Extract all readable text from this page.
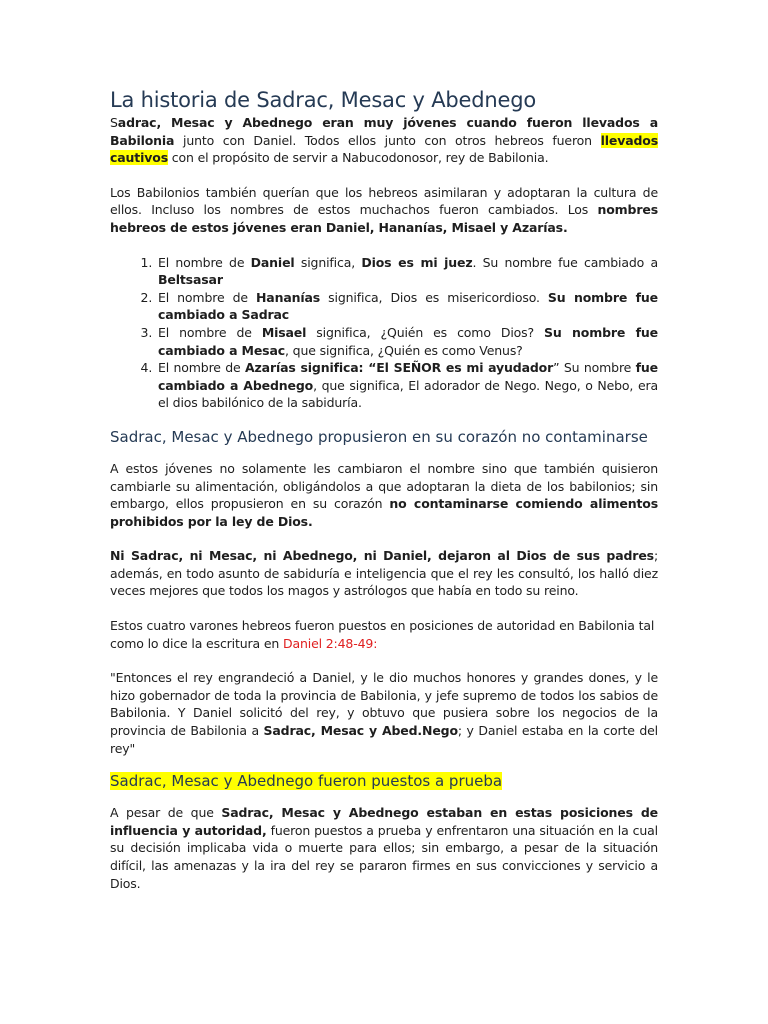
La historia de Sadrac, Mesac y Abednego

Sadrac, Mesac y Abednego eran muy jóvenes cuando fueron llevados a Babilonia junto con Daniel. Todos ellos junto con otros hebreos fueron llevados cautivos con el propósito de servir a Nabucodonosor, rey de Babilonia.

Los Babilonios también querían que los hebreos asimilaran y adoptaran la cultura de ellos. Incluso los nombres de estos muchachos fueron cambiados. Los nombres hebreos de estos jóvenes eran Daniel, Hananías, Misael y Azarías.

1. El nombre de Daniel significa, Dios es mi juez. Su nombre fue cambiado a Beltsasar
2. El nombre de Hananías significa, Dios es misericordioso. Su nombre fue cambiado a Sadrac
3. El nombre de Misael significa, ¿Quién es como Dios? Su nombre fue cambiado a Mesac, que significa, ¿Quién es como Venus?
4. El nombre de Azarías significa: “El SEÑOR es mi ayudador” Su nombre fue cambiado a Abednego, que significa, El adorador de Nego. Nego, o Nebo, era el dios babilónico de la sabiduría.
Sadrac, Mesac y Abednego propusieron en su corazón no contaminarse

A estos jóvenes no solamente les cambiaron el nombre sino que también quisieron cambiarle su alimentación, obligándolos a que adoptaran la dieta de los babilonios; sin embargo, ellos propusieron en su corazón no contaminarse comiendo alimentos prohibidos por la ley de Dios.

Ni Sadrac, ni Mesac, ni Abednego, ni Daniel, dejaron al Dios de sus padres; además, en todo asunto de sabiduría e inteligencia que el rey les consultó, los halló diez veces mejores que todos los magos y astrólogos que había en todo su reino.

Estos cuatro varones hebreos fueron puestos en posiciones de autoridad en Babilonia tal como lo dice la escritura en Daniel 2:48-49:

"Entonces el rey engrandeció a Daniel, y le dio muchos honores y grandes dones, y le hizo gobernador de toda la provincia de Babilonia, y jefe supremo de todos los sabios de Babilonia. Y Daniel solicitó del rey, y obtuvo que pusiera sobre los negocios de la provincia de Babilonia a Sadrac, Mesac y Abed.Nego; y Daniel estaba en la corte del rey"

Sadrac, Mesac y Abednego fueron puestos a prueba

A pesar de que Sadrac, Mesac y Abednego estaban en estas posiciones de influencia y autoridad, fueron puestos a prueba y enfrentaron una situación en la cual su decisión implicaba vida o muerte para ellos; sin embargo, a pesar de la situación difícil, las amenazas y la ira del rey se pararon firmes en sus convicciones y servicio a Dios.
